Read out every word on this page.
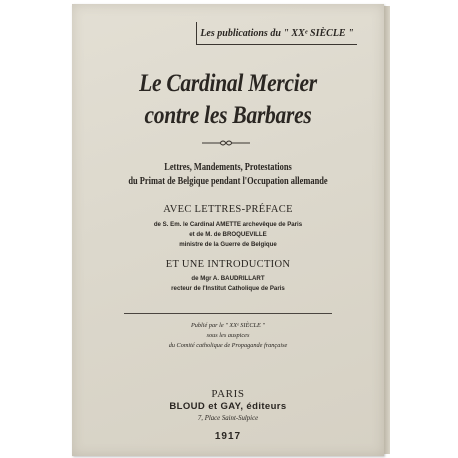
Les publications du " XXᵉ SIÈCLE "
Le Cardinal Mercier
contre les Barbares
Lettres, Mandements, Protestations
du Primat de Belgique pendant l'Occupation allemande
AVEC LETTRES-PRÉFACE
de S. Em. le Cardinal AMETTE archevêque de Paris
et de M. de BROQUEVILLE
ministre de la Guerre de Belgique
ET UNE INTRODUCTION
de Mgr A. BAUDRILLART
recteur de l'Institut Catholique de Paris
Publié par le " XXᵉ SIÈCLE "
sous les auspices
du Comité catholique de Propagande française
PARIS
BLOUD et GAY, éditeurs
7, Place Saint-Sulpice
1917
